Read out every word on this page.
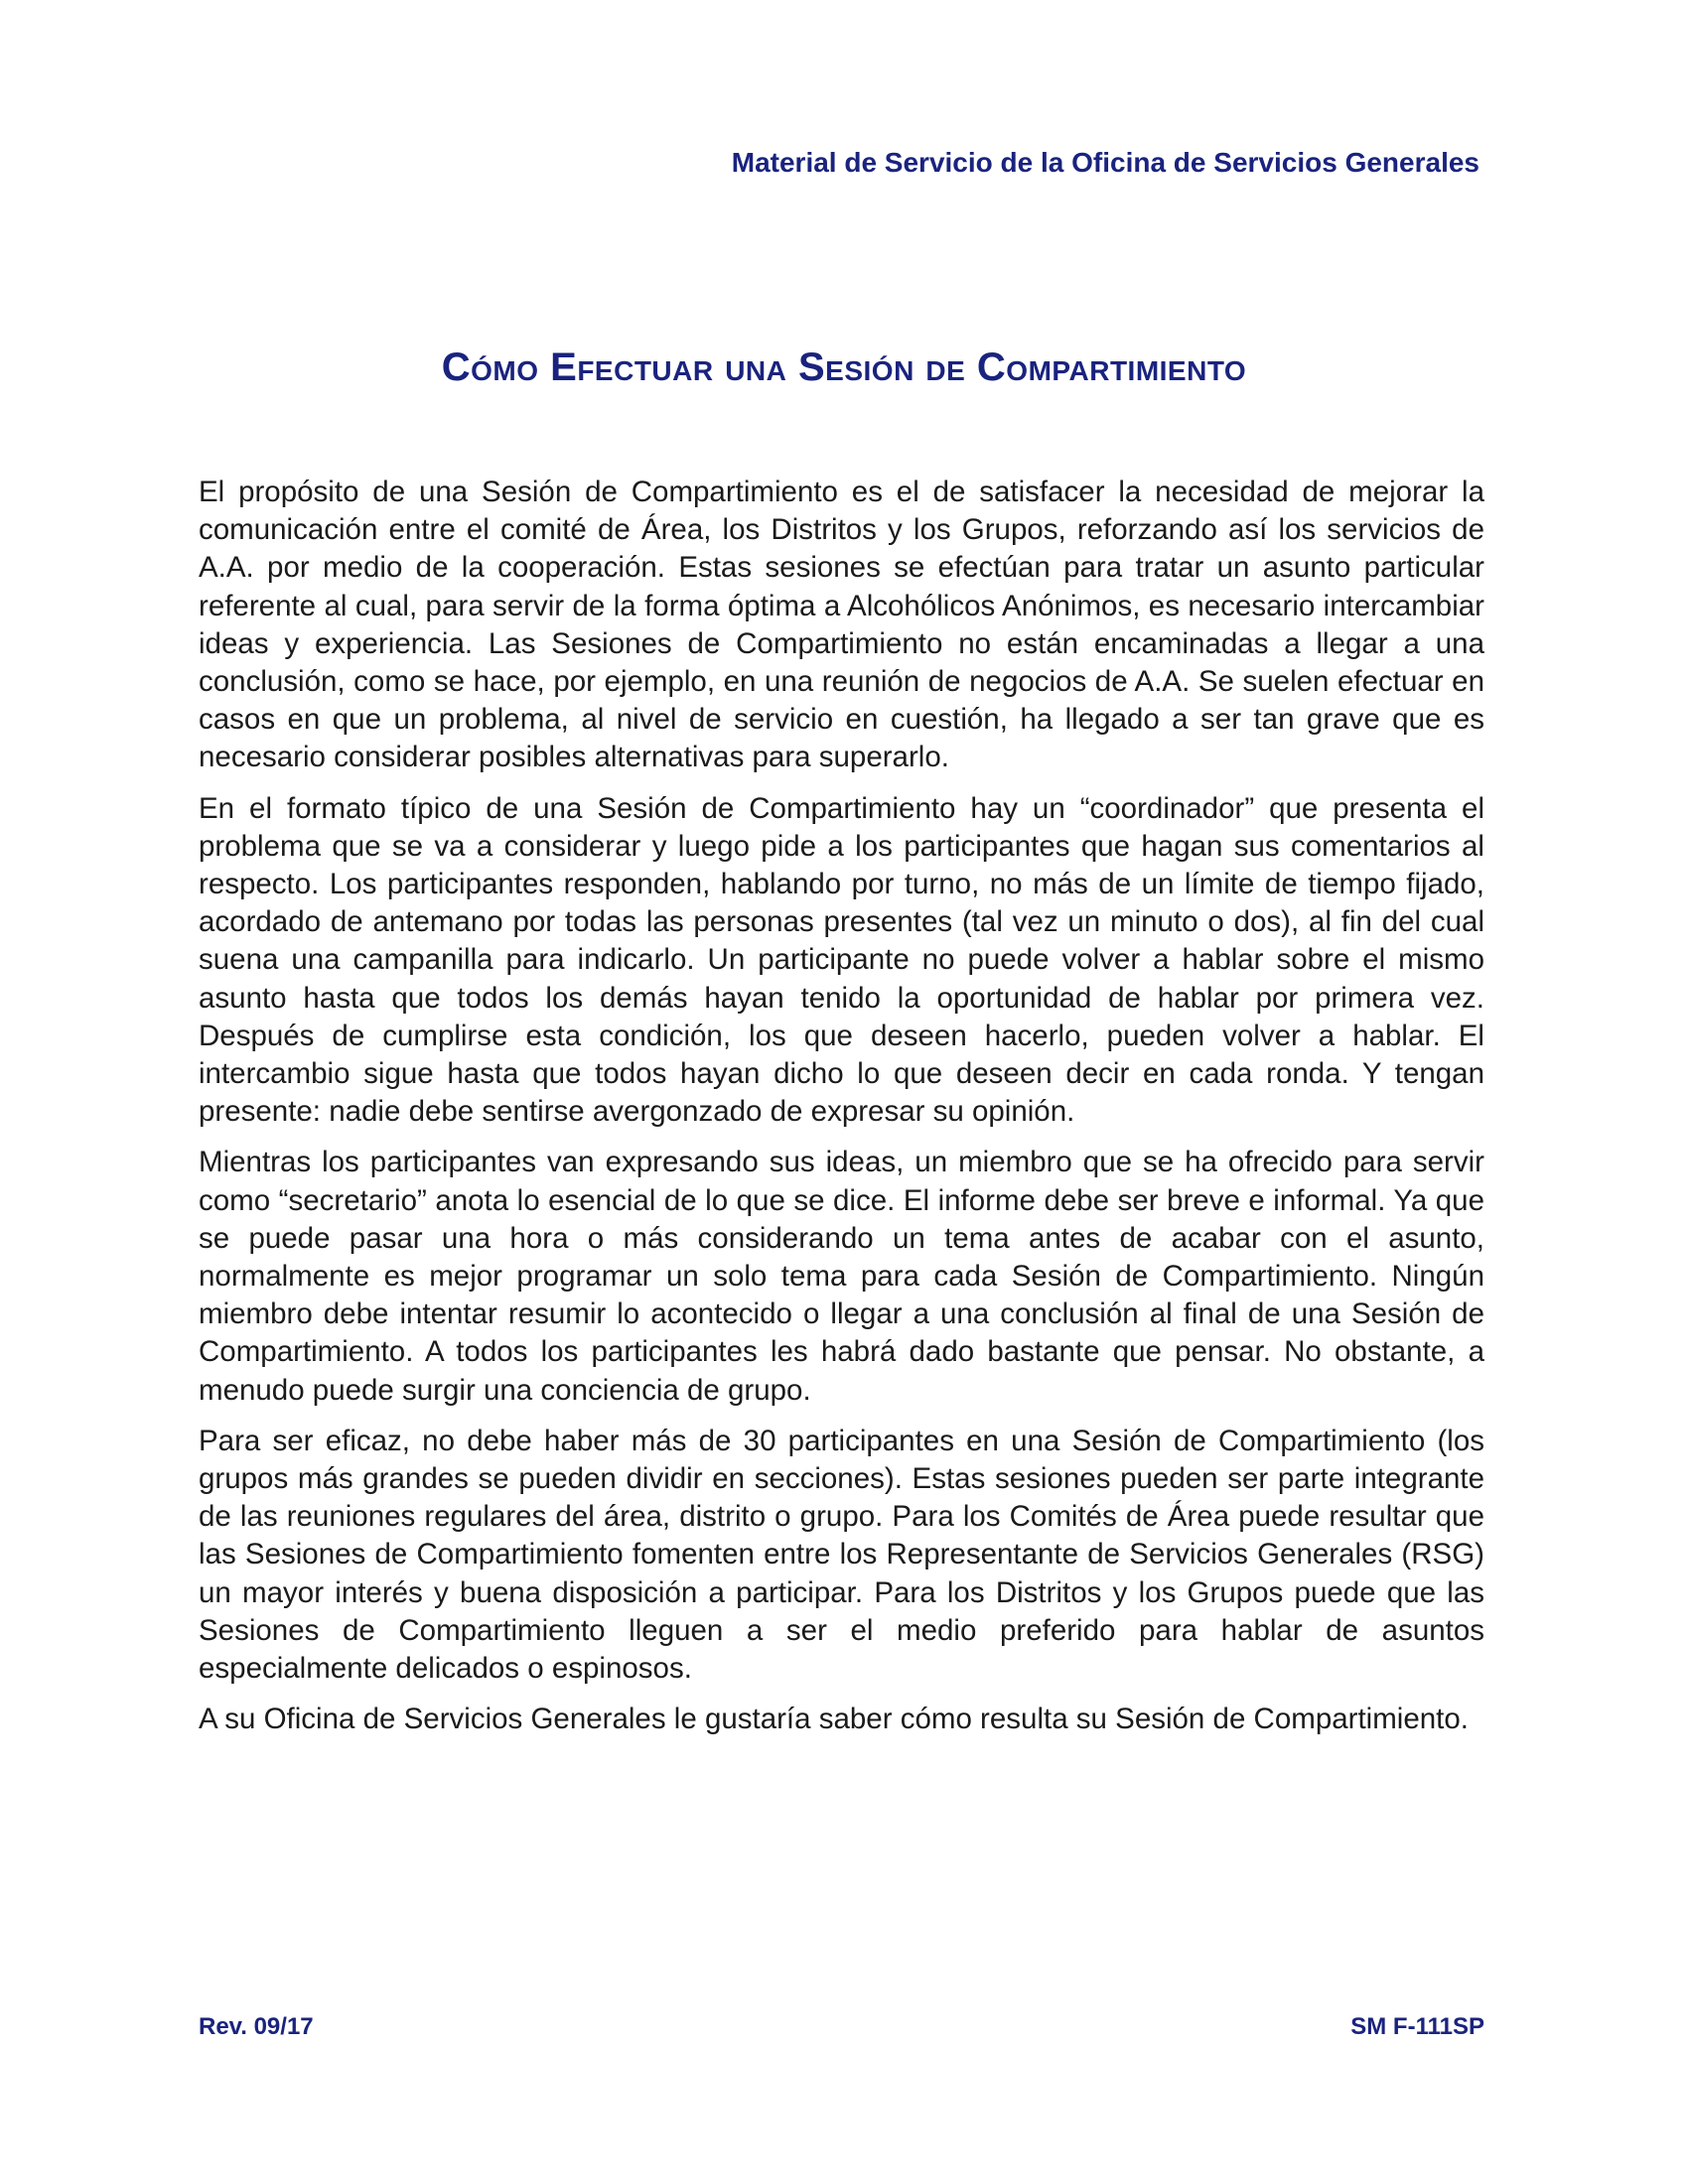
Material de Servicio de la Oficina de Servicios Generales
Cómo Efectuar una Sesión de Compartimiento

El propósito de una Sesión de Compartimiento es el de satisfacer la necesidad de mejorar la comunicación entre el comité de Área, los Distritos y los Grupos, reforzando así los servicios de A.A. por medio de la cooperación. Estas sesiones se efectúan para tratar un asunto particular referente al cual, para servir de la forma óptima a Alcohólicos Anónimos, es necesario intercambiar ideas y experiencia. Las Sesiones de Compartimiento no están encaminadas a llegar a una conclusión, como se hace, por ejemplo, en una reunión de negocios de A.A. Se suelen efectuar en casos en que un problema, al nivel de servicio en cuestión, ha llegado a ser tan grave que es necesario considerar posibles alternativas para superarlo.

En el formato típico de una Sesión de Compartimiento hay un “coordinador” que presenta el problema que se va a considerar y luego pide a los participantes que hagan sus comentarios al respecto. Los participantes responden, hablando por turno, no más de un límite de tiempo fijado, acordado de antemano por todas las personas presentes (tal vez un minuto o dos), al fin del cual suena una campanilla para indicarlo. Un participante no puede volver a hablar sobre el mismo asunto hasta que todos los demás hayan tenido la oportunidad de hablar por primera vez. Después de cumplirse esta condición, los que deseen hacerlo, pueden volver a hablar. El intercambio sigue hasta que todos hayan dicho lo que deseen decir en cada ronda. Y tengan presente: nadie debe sentirse avergonzado de expresar su opinión.

Mientras los participantes van expresando sus ideas, un miembro que se ha ofrecido para servir como “secretario” anota lo esencial de lo que se dice. El informe debe ser breve e informal. Ya que se puede pasar una hora o más considerando un tema antes de acabar con el asunto, normalmente es mejor programar un solo tema para cada Sesión de Compartimiento. Ningún miembro debe intentar resumir lo acontecido o llegar a una conclusión al final de una Sesión de Compartimiento. A todos los participantes les habrá dado bastante que pensar. No obstante, a menudo puede surgir una conciencia de grupo.

Para ser eficaz, no debe haber más de 30 participantes en una Sesión de Compartimiento (los grupos más grandes se pueden dividir en secciones). Estas sesiones pueden ser parte integrante de las reuniones regulares del área, distrito o grupo. Para los Comités de Área puede resultar que las Sesiones de Compartimiento fomenten entre los Representante de Servicios Generales (RSG) un mayor interés y buena disposición a participar. Para los Distritos y los Grupos puede que las Sesiones de Compartimiento lleguen a ser el medio preferido para hablar de asuntos especialmente delicados o espinosos.

A su Oficina de Servicios Generales le gustaría saber cómo resulta su Sesión de Compartimiento.

Rev. 09/17	SM F-111SP
